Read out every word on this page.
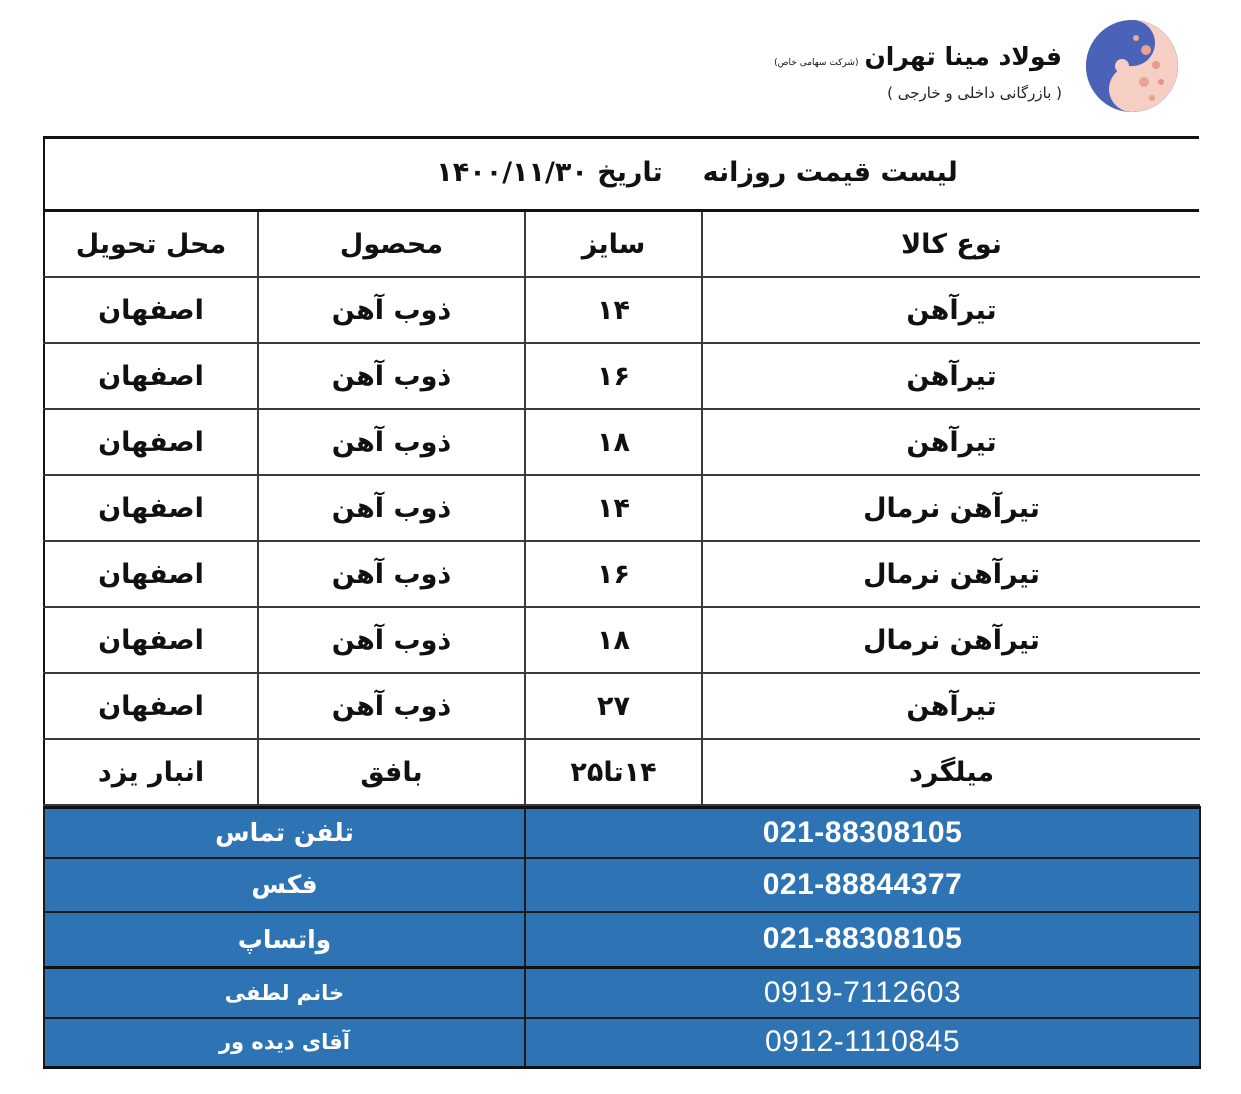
فولاد مینا تهران(شرکت سهامی خاص)
( بازرگانی داخلی و خارجی )
لیست قیمت روزانهتاریخ ۱۴۰۰/۱۱/۳۰
محل تحویل	محصول	سایز	نوع کالا
اصفهان	ذوب آهن	۱۴	تیرآهن
اصفهان	ذوب آهن	۱۶	تیرآهن
اصفهان	ذوب آهن	۱۸	تیرآهن
اصفهان	ذوب آهن	۱۴	تیرآهن نرمال
اصفهان	ذوب آهن	۱۶	تیرآهن نرمال
اصفهان	ذوب آهن	۱۸	تیرآهن نرمال
اصفهان	ذوب آهن	۲۷	تیرآهن
انبار یزد	بافق	۱۴تا۲۵	میلگرد
تلفن تماس	021-88308105
فکس	021-88844377
واتساپ	021-88308105
خانم لطفی	0919-7112603
آقای دیده ور	0912-1110845
